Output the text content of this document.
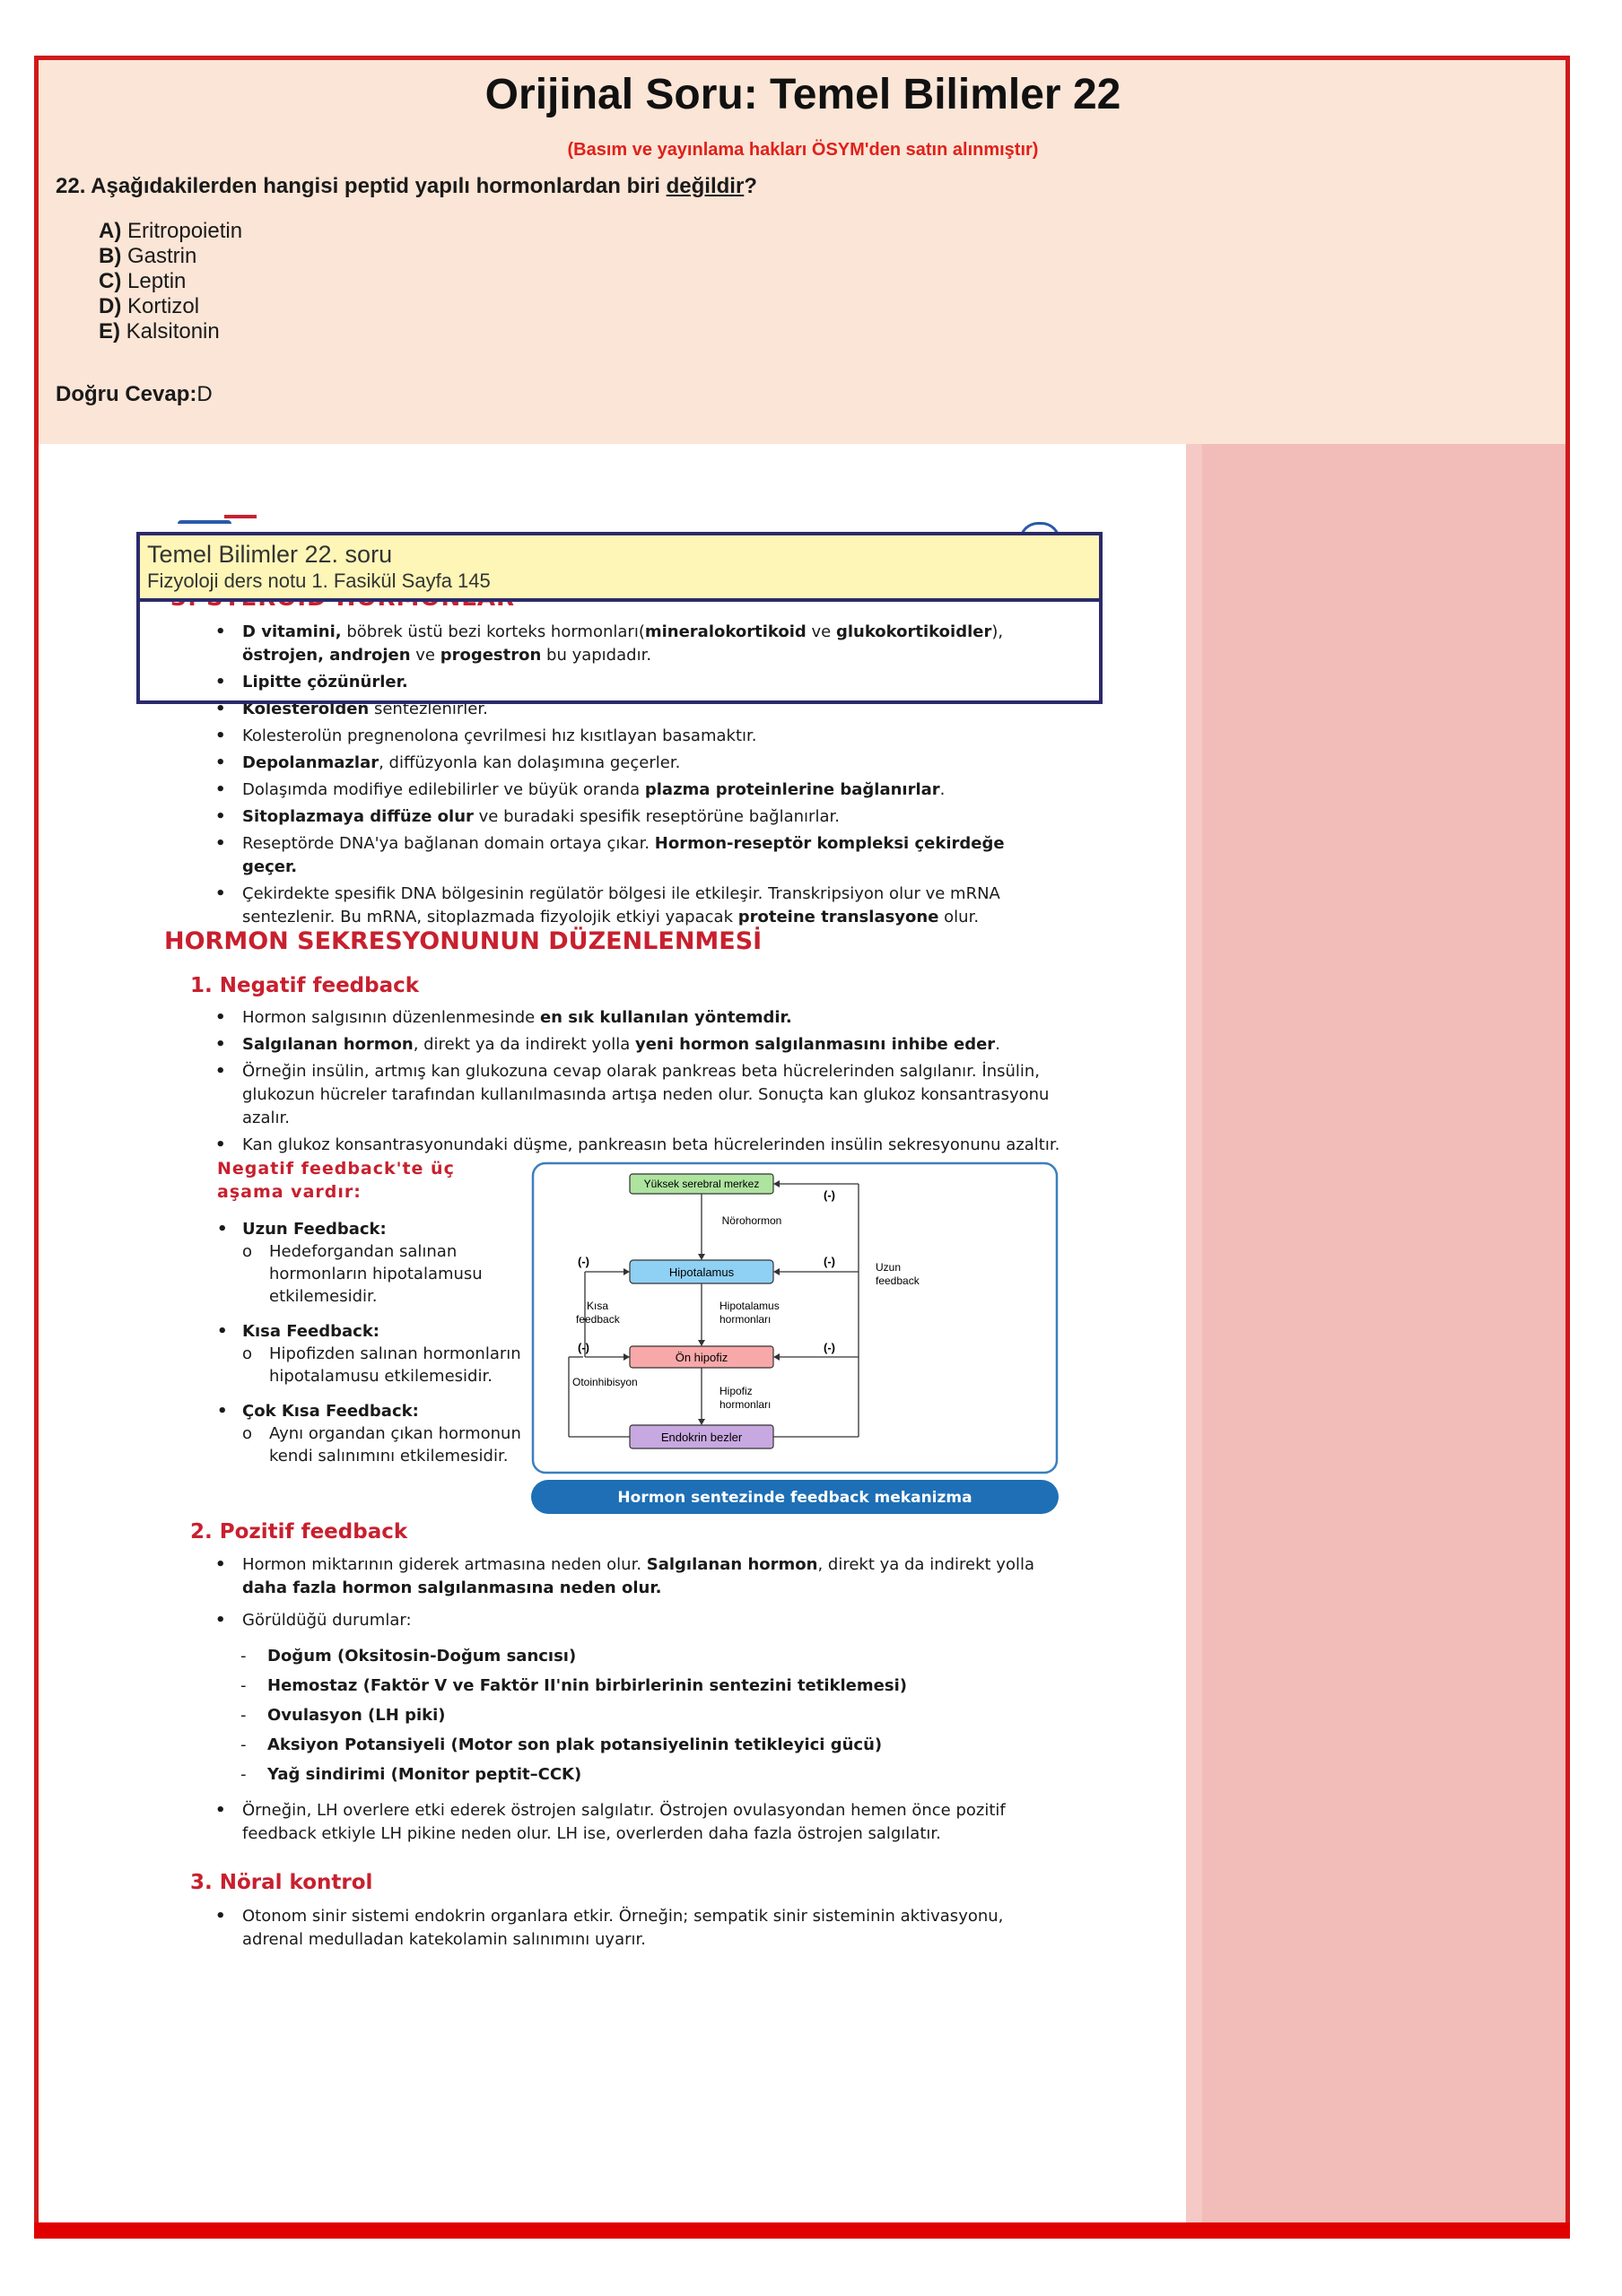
Orijinal Soru: Temel Bilimler 22
(Basım ve yayınlama hakları ÖSYM'den satın alınmıştır)
22. Aşağıdakilerden hangisi peptid yapılı hormonlardan biri değildir?
A) Eritropoietin
B) Gastrin
C) Leptin
D) Kortizol
E) Kalsitonin
Doğru Cevap:D
• D vitamini, böbrek üstü bezi korteks hormonları(mineralokortikoid ve glukokortikoidler), östrojen, androjen ve progestron bu yapıdadır.
• Lipitte çözünürler.
• Kolesterolden sentezlenirler.
• Kolesterolün pregnenolona çevrilmesi hız kısıtlayan basamaktır.
• Depolanmazlar, diffüzyonla kan dolaşımına geçerler.
• Dolaşımda modifiye edilebilirler ve büyük oranda plazma proteinlerine bağlanırlar.
• Sitoplazmaya diffüze olur ve buradaki spesifik reseptörüne bağlanırlar.
• Reseptörde DNA'ya bağlanan domain ortaya çıkar. Hormon-reseptör kompleksi çekirdeğe geçer.
• Çekirdekte spesifik DNA bölgesinin regülatör bölgesi ile etkileşir. Transkripsiyon olur ve mRNA sentezlenir. Bu mRNA, sitoplazmada fizyolojik etkiyi yapacak proteine translasyone olur.
Temel Bilimler 22. soru
Fizyoloji ders notu 1. Fasikül Sayfa 145
HORMON SEKRESYONUNUN DÜZENLENMESİ
1. Negatif feedback
• Hormon salgısının düzenlenmesinde en sık kullanılan yöntemdir.
• Salgılanan hormon, direkt ya da indirekt yolla yeni hormon salgılanmasını inhibe eder.
• Örneğin insülin, artmış kan glukozuna cevap olarak pankreas beta hücrelerinden salgılanır. İnsülin, glukozun hücreler tarafından kullanılmasında artışa neden olur. Sonuçta kan glukoz konsantrasyonu azalır.
• Kan glukoz konsantrasyonundaki düşme, pankreasın beta hücrelerinden insülin sekresyonunu azaltır.
Negatif feedback'te üç aşama vardır:
• Uzun Feedback:
o Hedeforgandan salınan hormonların hipotalamusu etkilemesidir.
• Kısa Feedback:
o Hipofizden salınan hormonların hipotalamusu etkilemesidir.
• Çok Kısa Feedback:
o Aynı organdan çıkan hormonun kendi salınımını etkilemesidir.
Yüksek serebral merkez
Nörohormon
Hipotalamus
Hipotalamus
hormonları
Ön hipofiz
Hipofiz
hormonları
Endokrin bezler
(-)
(-)
(-)
Uzun
feedback
(-)
Kısa
feedback
(-)
Otoinhibisyon
Hormon sentezinde feedback mekanizma
2. Pozitif feedback
• Hormon miktarının giderek artmasına neden olur. Salgılanan hormon, direkt ya da indirekt yolla daha fazla hormon salgılanmasına neden olur.
• Görüldüğü durumlar:
- Doğum (Oksitosin-Doğum sancısı)
- Hemostaz (Faktör V ve Faktör II'nin birbirlerinin sentezini tetiklemesi)
- Ovulasyon (LH piki)
- Aksiyon Potansiyeli (Motor son plak potansiyelinin tetikleyici gücü)
- Yağ sindirimi (Monitor peptit–CCK)
• Örneğin, LH overlere etki ederek östrojen salgılatır. Östrojen ovulasyondan hemen önce pozitif feedback etkiyle LH pikine neden olur. LH ise, overlerden daha fazla östrojen salgılatır.
3. Nöral kontrol
• Otonom sinir sistemi endokrin organlara etkir. Örneğin; sempatik sinir sisteminin aktivasyonu, adrenal medulladan katekolamin salınımını uyarır.
